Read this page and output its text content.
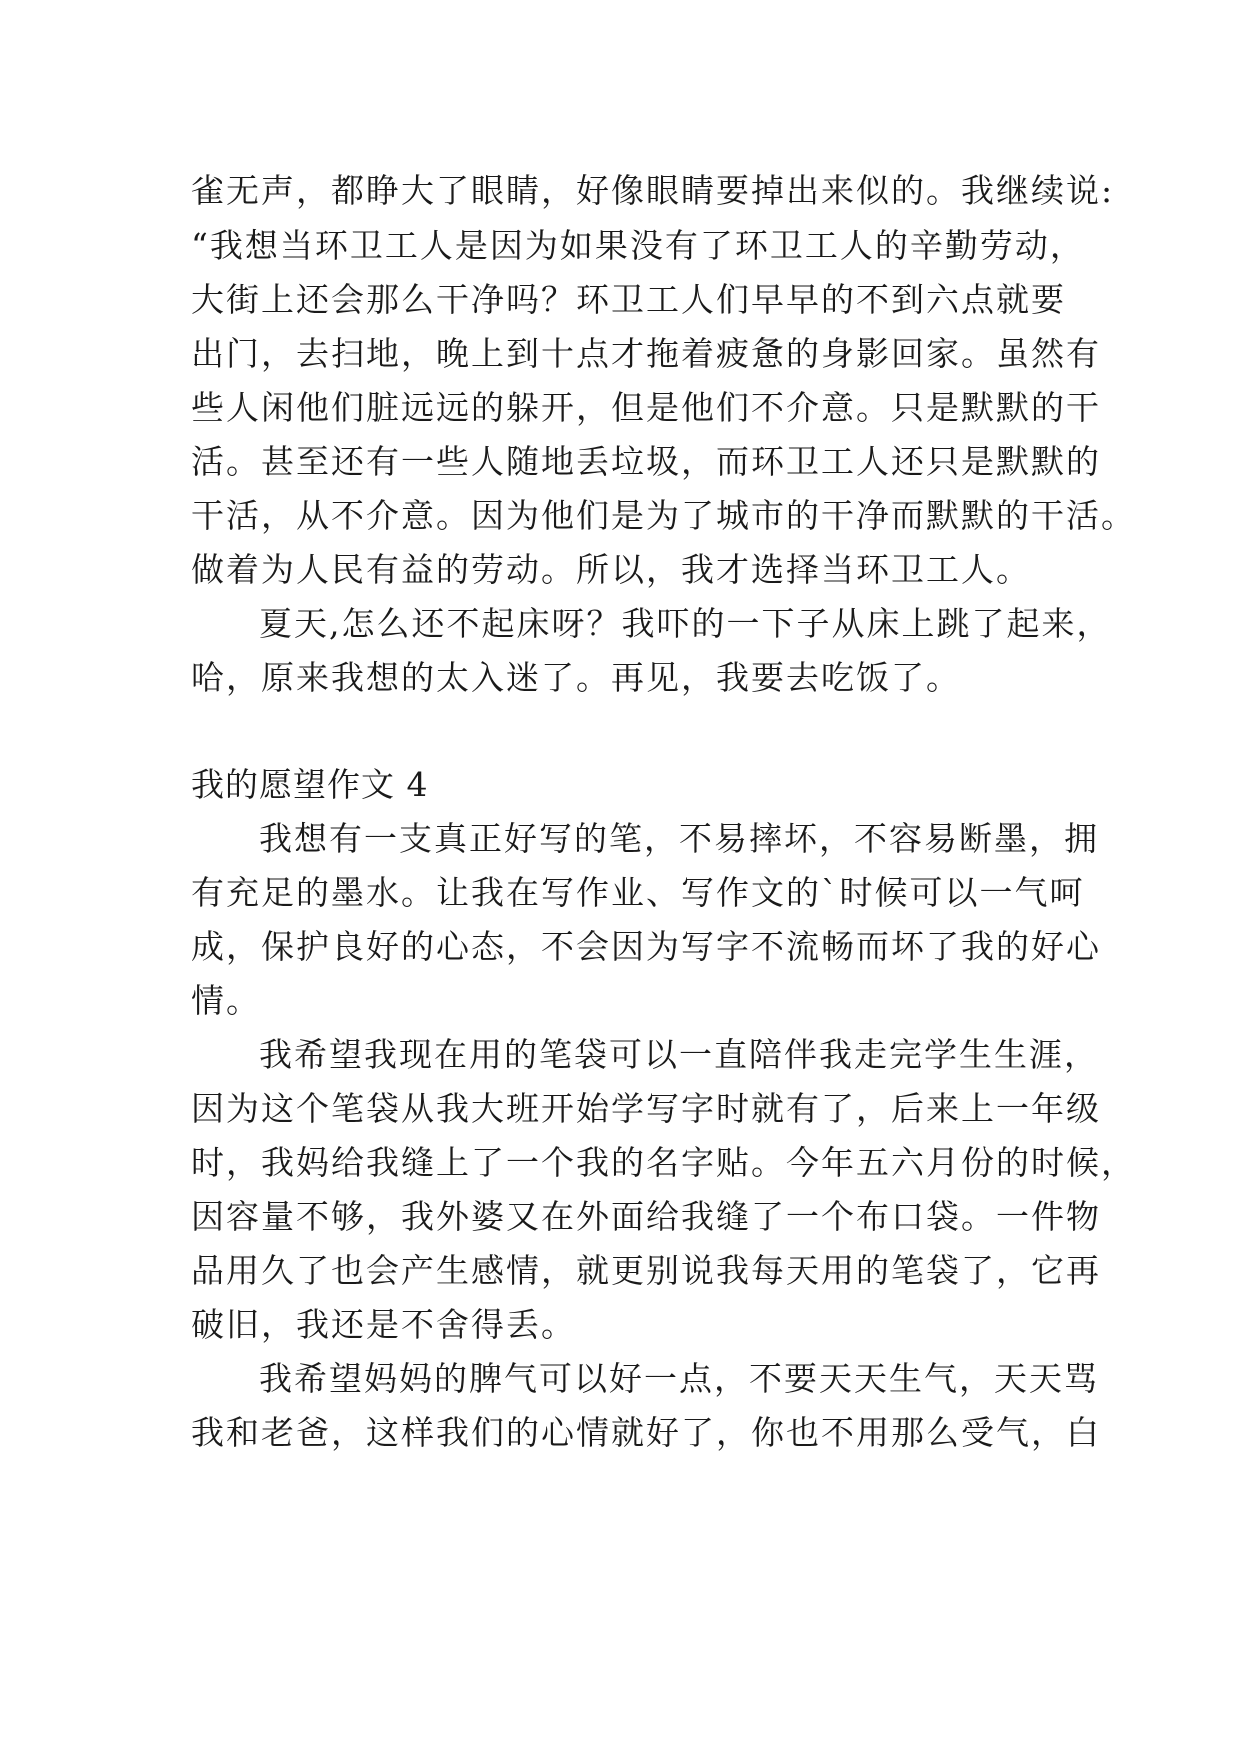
雀无声，都睁大了眼睛，好像眼睛要掉出来似的。我继续说:
“我想当环卫工人是因为如果没有了环卫工人的辛勤劳动，
大街上还会那么干净吗？环卫工人们早早的不到六点就要
出门，去扫地，晚上到十点才拖着疲惫的身影回家。虽然有
些人闲他们脏远远的躲开，但是他们不介意。只是默默的干
活。甚至还有一些人随地丢垃圾，而环卫工人还只是默默的
干活，从不介意。因为他们是为了城市的干净而默默的干活。
做着为人民有益的劳动。所以，我才选择当环卫工人。
夏天,怎么还不起床呀？我吓的一下子从床上跳了起来，
哈，原来我想的太入迷了。再见，我要去吃饭了。
我的愿望作文 4
我想有一支真正好写的笔，不易摔坏，不容易断墨，拥
有充足的墨水。让我在写作业、写作文的`时候可以一气呵
成，保护良好的心态，不会因为写字不流畅而坏了我的好心
情。
我希望我现在用的笔袋可以一直陪伴我走完学生生涯，
因为这个笔袋从我大班开始学写字时就有了，后来上一年级
时，我妈给我缝上了一个我的名字贴。今年五六月份的时候，
因容量不够，我外婆又在外面给我缝了一个布口袋。一件物
品用久了也会产生感情，就更别说我每天用的笔袋了，它再
破旧，我还是不舍得丢。
我希望妈妈的脾气可以好一点，不要天天生气，天天骂
我和老爸，这样我们的心情就好了，你也不用那么受气，白
